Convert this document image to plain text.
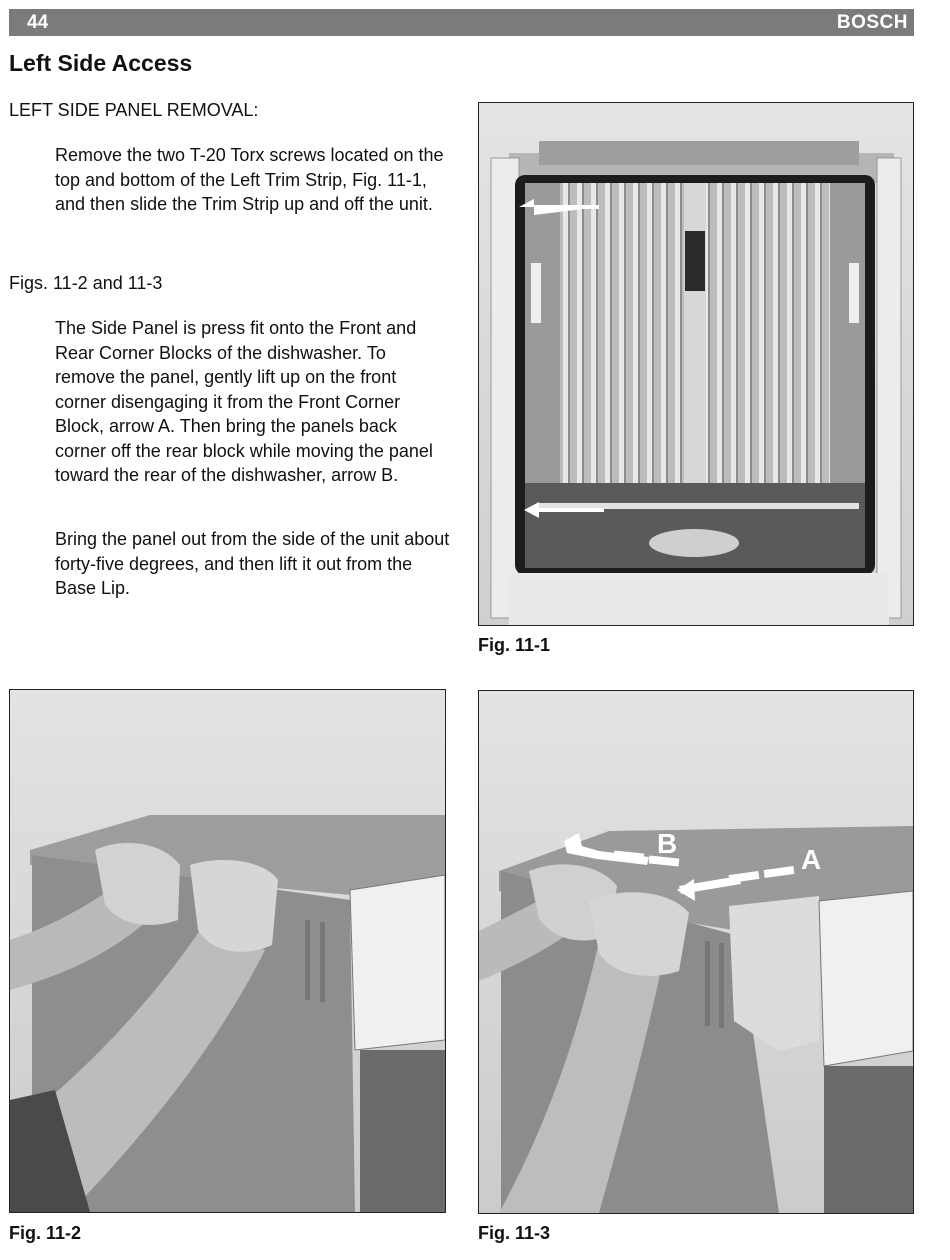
44	BOSCH
Left Side Access
LEFT SIDE PANEL REMOVAL:
Remove the two T-20 Torx screws located on the top and bottom of the Left Trim Strip, Fig. 11-1, and then slide the Trim Strip up and off the unit.
Figs. 11-2 and 11-3
The Side Panel is press fit onto the Front and Rear Corner Blocks of the dishwasher. To remove the panel, gently lift up on the front corner disengaging it from the Front Corner Block, arrow A. Then bring the panels back corner off the rear block while moving the panel toward the rear of the dishwasher, arrow B.
Bring the panel out from the side of the unit about forty-five degrees, and then lift it out from the Base Lip.
Fig. 11-1
Fig. 11-2
B
A
Fig. 11-3
